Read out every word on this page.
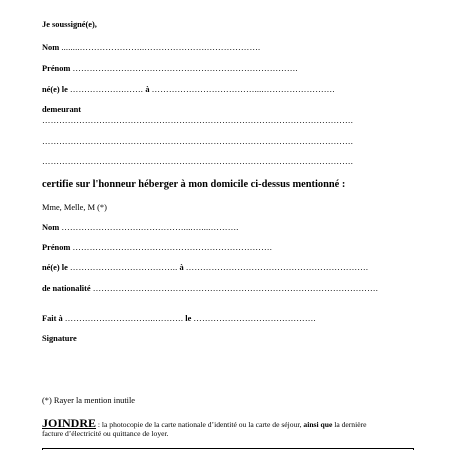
Je soussigné(e),
Nom ........…………………..………………….……………….
Prénom …………………………………………………………………….
né(e) le ……………….……. à ………………………………....…………………….
demeurant
……………………………………………………………………………………………….
……………………………………………………………………………………………….
……………………………………………………………………………………………….
certifie sur l'honneur héberger à mon domicile ci-dessus mentionné :
Mme, Melle, M (*)
Nom ……………………….……………....…....……….
Prénom …………………………………………………………….
né(e) le ……………………………….. à ……………………………………………………….
de nationalité ……………………………………………………………………………………….
Fait à …………………………..………. le …………………………………….
Signature
(*) Rayer la mention inutile
JOINDRE : la photocopie de la carte nationale d’identité ou la carte de séjour, ainsi que la dernière
facture d’électricité ou quittance de loyer.
